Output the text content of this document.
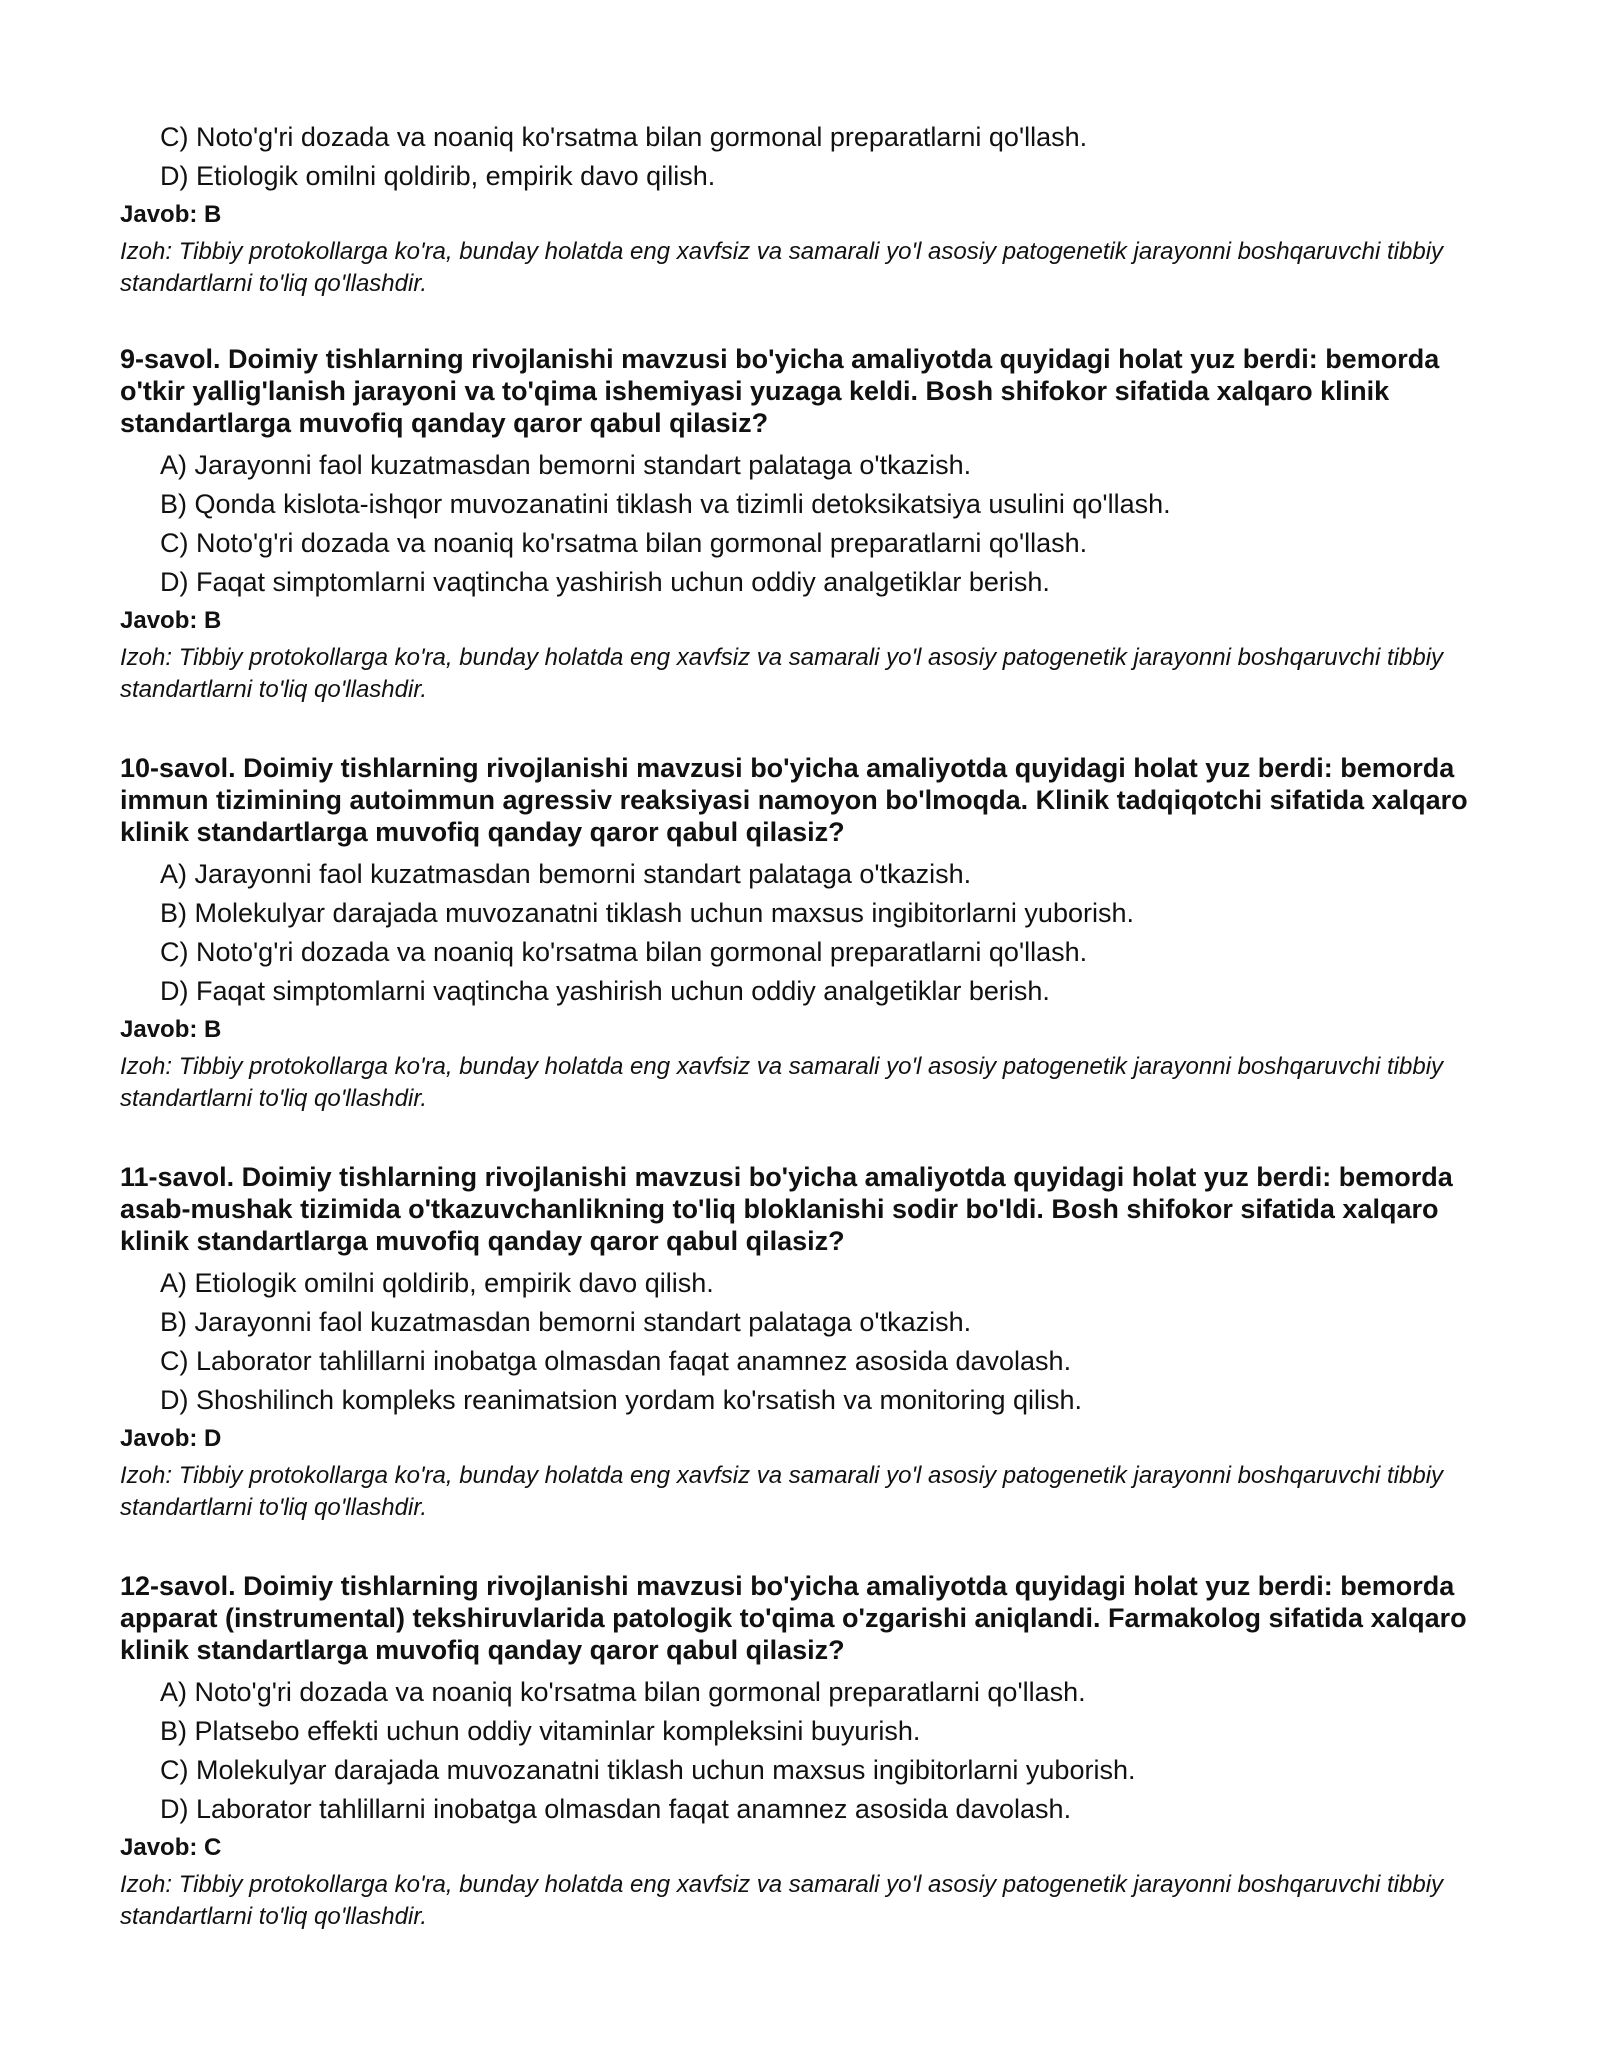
C) Noto'g'ri dozada va noaniq ko'rsatma bilan gormonal preparatlarni qo'llash.
D) Etiologik omilni qoldirib, empirik davo qilish.
Javob: B
Izoh: Tibbiy protokollarga ko'ra, bunday holatda eng xavfsiz va samarali yo'l asosiy patogenetik jarayonni boshqaruvchi tibbiy standartlarni to'liq qo'llashdir.
9-savol. Doimiy tishlarning rivojlanishi mavzusi bo'yicha amaliyotda quyidagi holat yuz berdi: bemorda o'tkir yallig'lanish jarayoni va to'qima ishemiyasi yuzaga keldi. Bosh shifokor sifatida xalqaro klinik standartlarga muvofiq qanday qaror qabul qilasiz?
A) Jarayonni faol kuzatmasdan bemorni standart palataga o'tkazish.
B) Qonda kislota-ishqor muvozanatini tiklash va tizimli detoksikatsiya usulini qo'llash.
C) Noto'g'ri dozada va noaniq ko'rsatma bilan gormonal preparatlarni qo'llash.
D) Faqat simptomlarni vaqtincha yashirish uchun oddiy analgetiklar berish.
Javob: B
Izoh: Tibbiy protokollarga ko'ra, bunday holatda eng xavfsiz va samarali yo'l asosiy patogenetik jarayonni boshqaruvchi tibbiy standartlarni to'liq qo'llashdir.
10-savol. Doimiy tishlarning rivojlanishi mavzusi bo'yicha amaliyotda quyidagi holat yuz berdi: bemorda immun tizimining autoimmun agressiv reaksiyasi namoyon bo'lmoqda. Klinik tadqiqotchi sifatida xalqaro klinik standartlarga muvofiq qanday qaror qabul qilasiz?
A) Jarayonni faol kuzatmasdan bemorni standart palataga o'tkazish.
B) Molekulyar darajada muvozanatni tiklash uchun maxsus ingibitorlarni yuborish.
C) Noto'g'ri dozada va noaniq ko'rsatma bilan gormonal preparatlarni qo'llash.
D) Faqat simptomlarni vaqtincha yashirish uchun oddiy analgetiklar berish.
Javob: B
Izoh: Tibbiy protokollarga ko'ra, bunday holatda eng xavfsiz va samarali yo'l asosiy patogenetik jarayonni boshqaruvchi tibbiy standartlarni to'liq qo'llashdir.
11-savol. Doimiy tishlarning rivojlanishi mavzusi bo'yicha amaliyotda quyidagi holat yuz berdi: bemorda asab-mushak tizimida o'tkazuvchanlikning to'liq bloklanishi sodir bo'ldi. Bosh shifokor sifatida xalqaro klinik standartlarga muvofiq qanday qaror qabul qilasiz?
A) Etiologik omilni qoldirib, empirik davo qilish.
B) Jarayonni faol kuzatmasdan bemorni standart palataga o'tkazish.
C) Laborator tahlillarni inobatga olmasdan faqat anamnez asosida davolash.
D) Shoshilinch kompleks reanimatsion yordam ko'rsatish va monitoring qilish.
Javob: D
Izoh: Tibbiy protokollarga ko'ra, bunday holatda eng xavfsiz va samarali yo'l asosiy patogenetik jarayonni boshqaruvchi tibbiy standartlarni to'liq qo'llashdir.
12-savol. Doimiy tishlarning rivojlanishi mavzusi bo'yicha amaliyotda quyidagi holat yuz berdi: bemorda apparat (instrumental) tekshiruvlarida patologik to'qima o'zgarishi aniqlandi. Farmakolog sifatida xalqaro klinik standartlarga muvofiq qanday qaror qabul qilasiz?
A) Noto'g'ri dozada va noaniq ko'rsatma bilan gormonal preparatlarni qo'llash.
B) Platsebo effekti uchun oddiy vitaminlar kompleksini buyurish.
C) Molekulyar darajada muvozanatni tiklash uchun maxsus ingibitorlarni yuborish.
D) Laborator tahlillarni inobatga olmasdan faqat anamnez asosida davolash.
Javob: C
Izoh: Tibbiy protokollarga ko'ra, bunday holatda eng xavfsiz va samarali yo'l asosiy patogenetik jarayonni boshqaruvchi tibbiy standartlarni to'liq qo'llashdir.
